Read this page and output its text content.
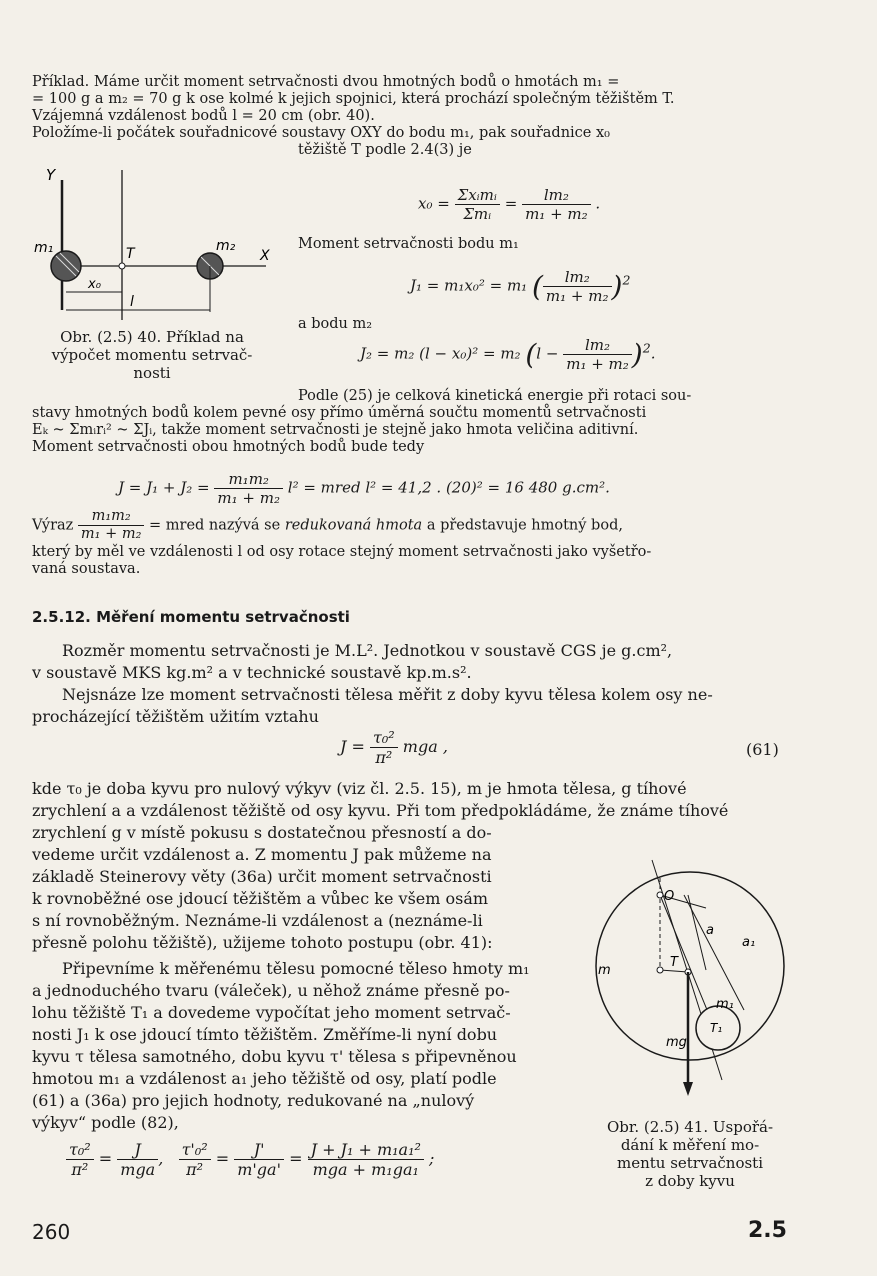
Příklad. Máme určit moment setrvačnosti dvou hmotných bodů o hmotách m₁ =
= 100 g a m₂ = 70 g k ose kolmé k jejich spojnici, která prochází společným těžištěm T.
Vzájemná vzdálenost bodů l = 20 cm (obr. 40).
Položíme-li počátek souřadnicové soustavy OXY do bodu m₁, pak souřadnice x₀
těžiště T podle 2.4(3) je
Y
m₁	T	m₂
X
x₀
l
Obr. (2.5) 40. Příklad na
výpočet momentu setrvač-
nosti
$x_0 = \frac{\text{Σxᵢmᵢ}}{\text{Σmᵢ}} = \frac{\text{lm₂}}{\text{m₁ + m₂}}$ .
Moment setrvačnosti bodu m₁
J₁ = m₁x₀² = m₁ ( $\frac{\text{lm₂}}{\text{m₁ + m₂}} )^2$
a bodu m₂
J₂ = m₂ (l − x₀)² = m₂ $(l - \frac{\text{lm₂}}{\text{m₁ + m₂}} )^2$.
Podle (25) je celková kinetická energie při rotaci sou-
stavy hmotných bodů kolem pevné osy přímo úměrná součtu momentů setrvačnosti
Eₖ ~ Σmᵢrᵢ² ~ ΣJᵢ, takže moment setrvačnosti je stejně jako hmota veličina aditivní.
Moment setrvačnosti obou hmotných bodů bude tedy
$J = J_1 + J_2 = \frac{\text{m₁m₂}}{\text{m₁ + m₂}} l^2$ = mred l² = 41,2 . (20)² = 16 480 g.cm².
Výraz $\frac{\text{m₁m₂}}{\text{m₁ + m₂}}$ = mred nazývá se redukovaná hmota a představuje hmotný bod,
který by měl ve vzdálenosti l od osy rotace stejný moment setrvačnosti jako vyšetřo-
vaná soustava.
2.5.12. Měření momentu setrvačnosti
Rozměr momentu setrvačnosti je M.L². Jednotkou v soustavě CGS je g.cm²,
v soustavě MKS kg.m² a v technické soustavě kp.m.s².
Nejsnáze lze moment setrvačnosti tělesa měřit z doby kyvu tělesa kolem osy ne-
procházející těžištěm užitím vztahu
$J = \frac{\text{τ₀²}}{\text{π²}}$ mga ,	(61)
kde τ₀ je doba kyvu pro nulový výkyv (viz čl. 2.5. 15), m je hmota tělesa, g tíhové
zrychlení a a vzdálenost těžiště od osy kyvu. Při tom předpokládáme, že známe tíhové
zrychlení g v místě pokusu s dostatečnou přesností a do-
vedeme určit vzdálenost a. Z momentu J pak můžeme na
základě Steinerovy věty (36a) určit moment setrvačnosti
k rovnoběžné ose jdoucí těžištěm a vůbec ke všem osám
s ní rovnoběžným. Neznáme-li vzdálenost a (neznáme-li
přesně polohu těžiště), užijeme tohoto postupu (obr. 41):
Připevníme k měřenému tělesu pomocné těleso hmoty m₁
a jednoduchého tvaru (váleček), u něhož známe přesně po-
lohu těžiště T₁ a dovedeme vypočítat jeho moment setrvač-
nosti J₁ k ose jdoucí tímto těžištěm. Změříme-li nyní dobu
kyvu τ tělesa samotného, dobu kyvu τ' tělesa s připevněnou
hmotou m₁ a vzdálenost a₁ jeho těžiště od osy, platí podle
(61) a (36a) pro jejich hodnoty, redukované na „nulový
výkyv“ podle (82),
$\frac{\text{τ₀²}}{\text{π²}} = \frac{J}{\text{mga}}$ , $\frac{\text{τ'₀²}}{\text{π²}} = \frac{J'}{m'ga'} = \frac{\text{J + J₁ + m₁a₁²}}{\text{mga + m₁ga₁}}$ ;
O
a
a₁
m
T
m₁
T₁
mg
Obr. (2.5) 41. Uspořá-
dání k měření mo-
mentu setrvačnosti
z doby kyvu
260	2.5
